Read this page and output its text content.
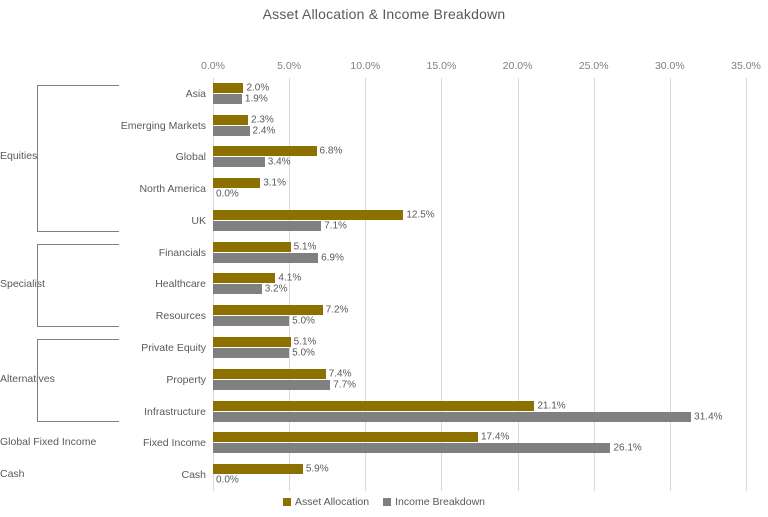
Asset Allocation & Income Breakdown
0.0%	5.0%	10.0%	15.0%	20.0%	25.0%	30.0%	35.0%
Asia	2.0%
1.9%
Emerging Markets	2.3%
2.4%
Global	6.8%
3.4%
North America	3.1%
0.0%
UK	12.5%
7.1%
Financials	5.1%
6.9%
Healthcare	4.1%
3.2%
Resources	7.2%
5.0%
Private Equity	5.1%
5.0%
Property	7.4%
7.7%
Infrastructure	21.1%
31.4%
Fixed Income	17.4%
26.1%
Cash	5.9%
0.0%
Equities
Specialist
Alternatives
Global Fixed Income
Cash
Asset Allocation Income Breakdown
